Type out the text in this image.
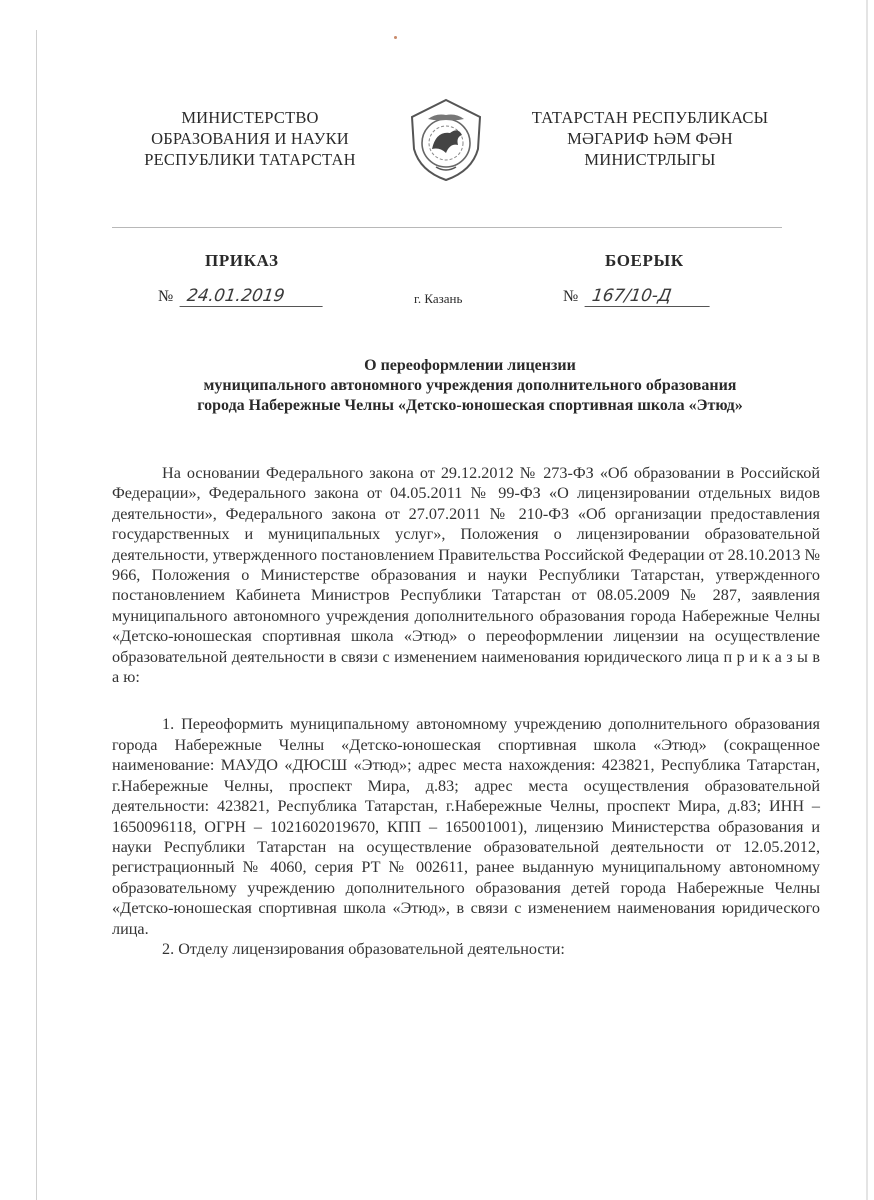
МИНИСТЕРСТВО
ОБРАЗОВАНИЯ И НАУКИ
РЕСПУБЛИКИ ТАТАРСТАН
ТАТАРСТАН РЕСПУБЛИКАСЫ
МӘГАРИФ ҺӘМ ФӘН
МИНИСТРЛЫГЫ
ПРИКАЗ	БОЕРЫК
№ 24.01.2019	г. Казань	№ 167/10-Д
О переоформлении лицензии
муниципального автономного учреждения дополнительного образования
города Набережные Челны «Детско-юношеская спортивная школа «Этюд»

На основании Федерального закона от 29.12.2012 № 273-ФЗ «Об образовании в Российской Федерации», Федерального закона от 04.05.2011 № 99-ФЗ «О лицензировании отдельных видов деятельности», Федерального закона от 27.07.2011 № 210-ФЗ «Об организации предоставления государственных и муниципальных услуг», Положения о лицензировании образовательной деятельности, утвержденного постановлением Правительства Российской Федерации от 28.10.2013 № 966, Положения о Министерстве образования и науки Республики Татарстан, утвержденного постановлением Кабинета Министров Республики Татарстан от 08.05.2009 № 287, заявления муниципального автономного учреждения дополнительного образования города Набережные Челны «Детско-юношеская спортивная школа «Этюд» о переоформлении лицензии на осуществление образовательной деятельности в связи с изменением наименования юридического лица п р и к а з ы в а ю:

1. Переоформить муниципальному автономному учреждению дополнительного образования города Набережные Челны «Детско-юношеская спортивная школа «Этюд» (сокращенное наименование: МАУДО «ДЮСШ «Этюд»; адрес места нахождения: 423821, Республика Татарстан, г.Набережные Челны, проспект Мира, д.83; адрес места осуществления образовательной деятельности: 423821, Республика Татарстан, г.Набережные Челны, проспект Мира, д.83; ИНН – 1650096118, ОГРН – 1021602019670, КПП – 165001001), лицензию Министерства образования и науки Республики Татарстан на осуществление образовательной деятельности от 12.05.2012, регистрационный № 4060, серия РТ № 002611, ранее выданную муниципальному автономному образовательному учреждению дополнительного образования детей города Набережные Челны «Детско-юношеская спортивная школа «Этюд», в связи с изменением наименования юридического лица.

2. Отделу лицензирования образовательной деятельности:
